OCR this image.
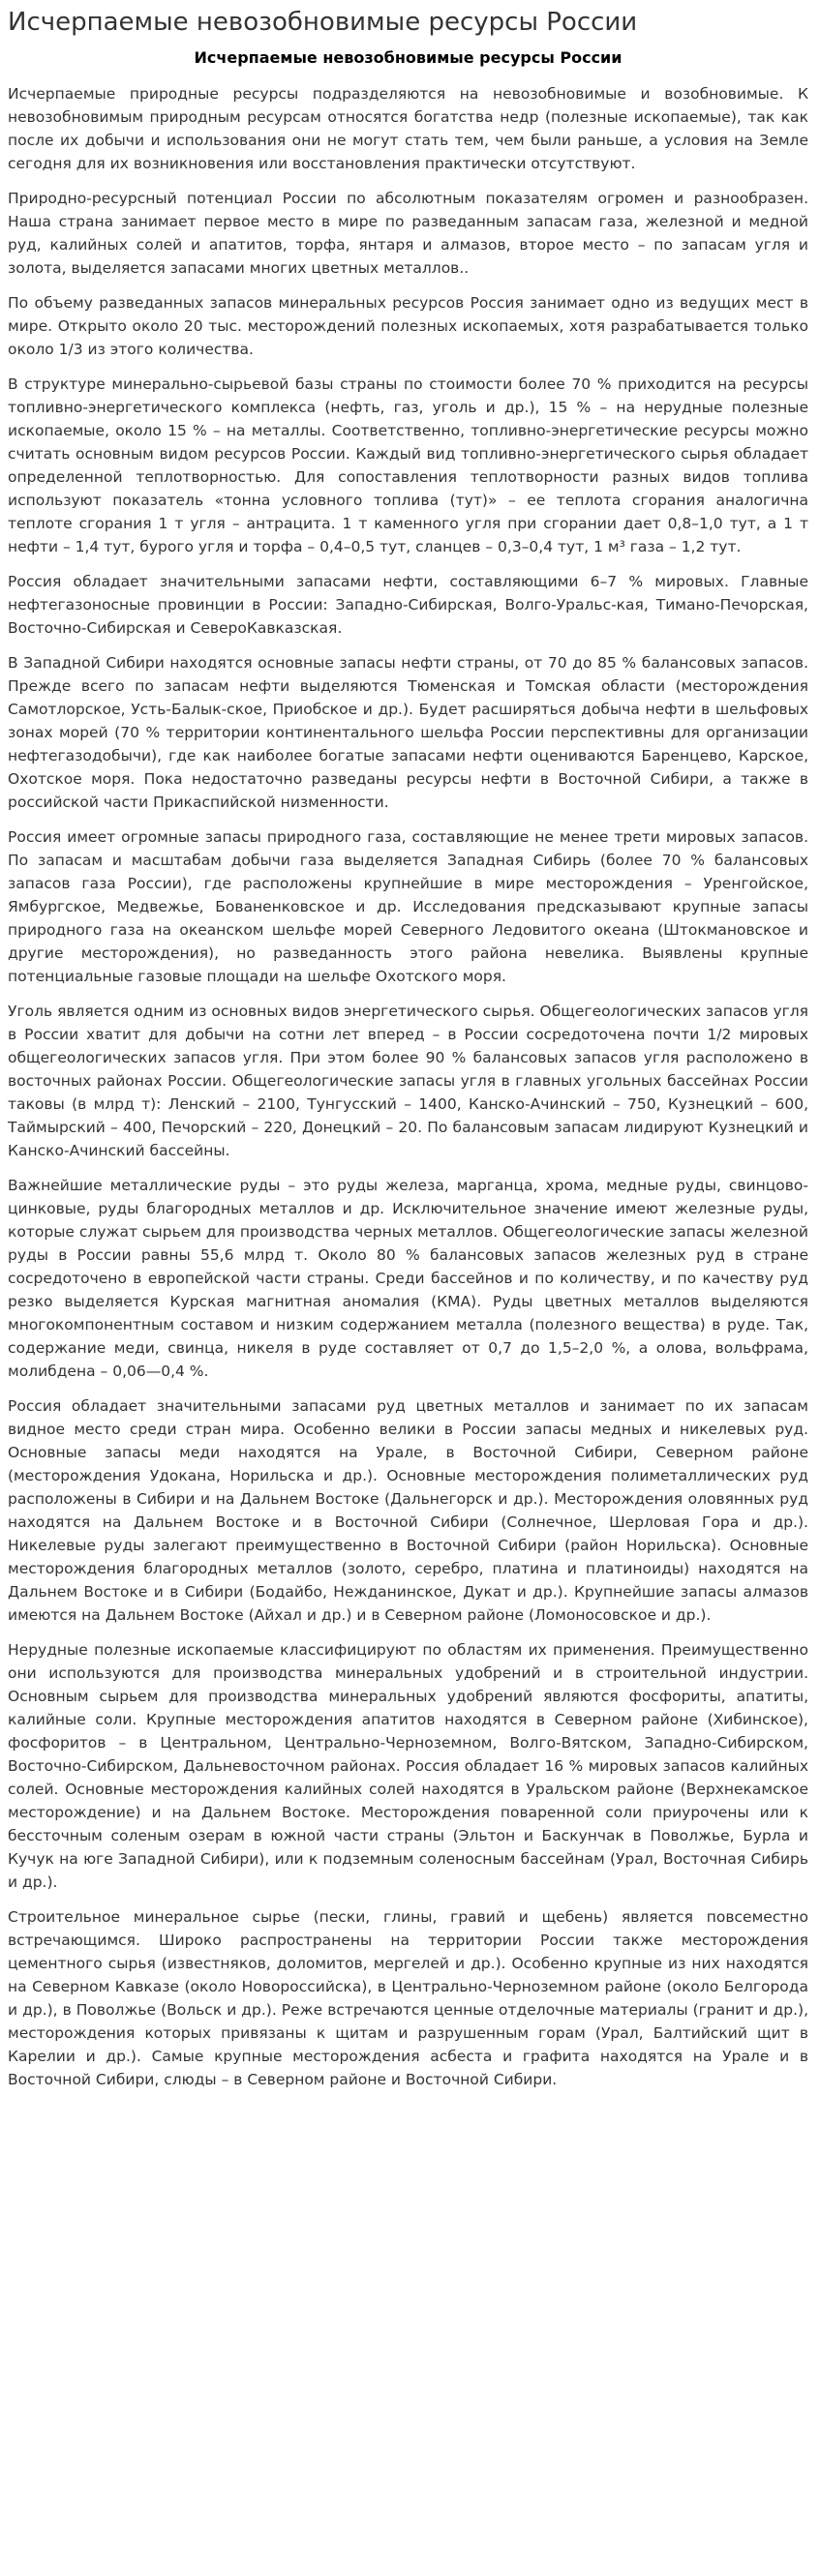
Исчерпаемые невозобновимые ресурсы России
Исчерпаемые невозобновимые ресурсы России

Исчерпаемые природные ресурсы подразделяются на невозобновимые и возобновимые. К невозобновимым природным ресурсам относятся богатства недр (полезные ископаемые), так как после их добычи и использования они не могут стать тем, чем были раньше, а условия на Земле сегодня для их возникновения или восстановления практически отсутствуют.

Природно-ресурсный потенциал России по абсолютным показателям огромен и разнообразен. Наша страна занимает первое место в мире по разведанным запасам газа, железной и медной руд, калийных солей и апатитов, торфа, янтаря и алмазов, второе место – по запасам угля и золота, выделяется запасами многих цветных металлов..

По объему разведанных запасов минеральных ресурсов Россия занимает одно из ведущих мест в мире. Открыто около 20 тыс. месторождений полезных ископаемых, хотя разрабатывается только около 1/3 из этого количества.

В структуре минерально-сырьевой базы страны по стоимости более 70 % приходится на ресурсы топливно-энергетического комплекса (нефть, газ, уголь и др.), 15 % – на нерудные полезные ископаемые, около 15 % – на металлы. Соответственно, топливно-энергетические ресурсы можно считать основным видом ресурсов России. Каждый вид топливно-энергетического сырья обладает определенной теплотворностью. Для сопоставления теплотворности разных видов топлива используют показатель «тонна условного топлива (тут)» – ее теплота сгорания аналогична теплоте сгорания 1 т угля – антрацита. 1 т каменного угля при сгорании дает 0,8–1,0 тут, а 1 т нефти – 1,4 тут, бурого угля и торфа – 0,4–0,5 тут, сланцев – 0,3–0,4 тут, 1 м³ газа – 1,2 тут.

Россия обладает значительными запасами нефти, составляющими 6–7 % мировых. Главные нефтегазоносные провинции в России: Западно-Сибирская, Волго-Уральс-кая, Тимано-Печорская, Восточно-Сибирская и СевероКавказская.

В Западной Сибири находятся основные запасы нефти страны, от 70 до 85 % балансовых запасов. Прежде всего по запасам нефти выделяются Тюменская и Томская области (месторождения Самотлорское, Усть-Балык-ское, Приобское и др.). Будет расширяться добыча нефти в шельфовых зонах морей (70 % территории континентального шельфа России перспективны для организации нефтегазодобычи), где как наиболее богатые запасами нефти оцениваются Баренцево, Карское, Охотское моря. Пока недостаточно разведаны ресурсы нефти в Восточной Сибири, а также в российской части Прикаспийской низменности.

Россия имеет огромные запасы природного газа, составляющие не менее трети мировых запасов. По запасам и масштабам добычи газа выделяется Западная Сибирь (более 70 % балансовых запасов газа России), где расположены крупнейшие в мире месторождения – Уренгойское, Ямбургское, Медвежье, Бованенковское и др. Исследования предсказывают крупные запасы природного газа на океанском шельфе морей Северного Ледовитого океана (Штокмановское и другие месторождения), но разведанность этого района невелика. Выявлены крупные потенциальные газовые площади на шельфе Охотского моря.

Уголь является одним из основных видов энергетического сырья. Общегеологических запасов угля в России хватит для добычи на сотни лет вперед – в России сосредоточена почти 1/2 мировых общегеологических запасов угля. При этом более 90 % балансовых запасов угля расположено в восточных районах России. Общегеологические запасы угля в главных угольных бассейнах России таковы (в млрд т): Ленский – 2100, Тунгусский – 1400, Канско-Ачинский – 750, Кузнецкий – 600, Таймырский – 400, Печорский – 220, Донецкий – 20. По балансовым запасам лидируют Кузнецкий и Канско-Ачинский бассейны.

Важнейшие металлические руды – это руды железа, марганца, хрома, медные руды, свинцово-цинковые, руды благородных металлов и др. Исключительное значение имеют железные руды, которые служат сырьем для производства черных металлов. Общегеологические запасы железной руды в России равны 55,6 млрд т. Около 80 % балансовых запасов железных руд в стране сосредоточено в европейской части страны. Среди бассейнов и по количеству, и по качеству руд резко выделяется Курская магнитная аномалия (КМА). Руды цветных металлов выделяются многокомпонентным составом и низким содержанием металла (полезного вещества) в руде. Так, содержание меди, свинца, никеля в руде составляет от 0,7 до 1,5–2,0 %, а олова, вольфрама, молибдена – 0,06—0,4 %.

Россия обладает значительными запасами руд цветных металлов и занимает по их запасам видное место среди стран мира. Особенно велики в России запасы медных и никелевых руд. Основные запасы меди находятся на Урале, в Восточной Сибири, Северном районе (месторождения Удокана, Норильска и др.). Основные месторождения полиметаллических руд расположены в Сибири и на Дальнем Востоке (Дальнегорск и др.). Месторождения оловянных руд находятся на Дальнем Востоке и в Восточной Сибири (Солнечное, Шерловая Гора и др.). Никелевые руды залегают преимущественно в Восточной Сибири (район Норильска). Основные месторождения благородных металлов (золото, серебро, платина и платиноиды) находятся на Дальнем Востоке и в Сибири (Бодайбо, Нежданинское, Дукат и др.). Крупнейшие запасы алмазов имеются на Дальнем Востоке (Айхал и др.) и в Северном районе (Ломоносовское и др.).

Нерудные полезные ископаемые классифицируют по областям их применения. Преимущественно они используются для производства минеральных удобрений и в строительной индустрии. Основным сырьем для производства минеральных удобрений являются фосфориты, апатиты, калийные соли. Крупные месторождения апатитов находятся в Северном районе (Хибинское), фосфоритов – в Центральном, Центрально-Черноземном, Волго-Вятском, Западно-Сибирском, Восточно-Сибирском, Дальневосточном районах. Россия обладает 16 % мировых запасов калийных солей. Основные месторождения калийных солей находятся в Уральском районе (Верхнекамское месторождение) и на Дальнем Востоке. Месторождения поваренной соли приурочены или к бессточным соленым озерам в южной части страны (Эльтон и Баскунчак в Поволжье, Бурла и Кучук на юге Западной Сибири), или к подземным соленосным бассейнам (Урал, Восточная Сибирь и др.).

Строительное минеральное сырье (пески, глины, гравий и щебень) является повсеместно встречающимся. Широко распространены на территории России также месторождения цементного сырья (известняков, доломитов, мергелей и др.). Особенно крупные из них находятся на Северном Кавказе (около Новороссийска), в Центрально-Черноземном районе (около Белгорода и др.), в Поволжье (Вольск и др.). Реже встречаются ценные отделочные материалы (гранит и др.), месторождения которых привязаны к щитам и разрушенным горам (Урал, Балтийский щит в Карелии и др.). Самые крупные месторождения асбеста и графита находятся на Урале и в Восточной Сибири, слюды – в Северном районе и Восточной Сибири.
